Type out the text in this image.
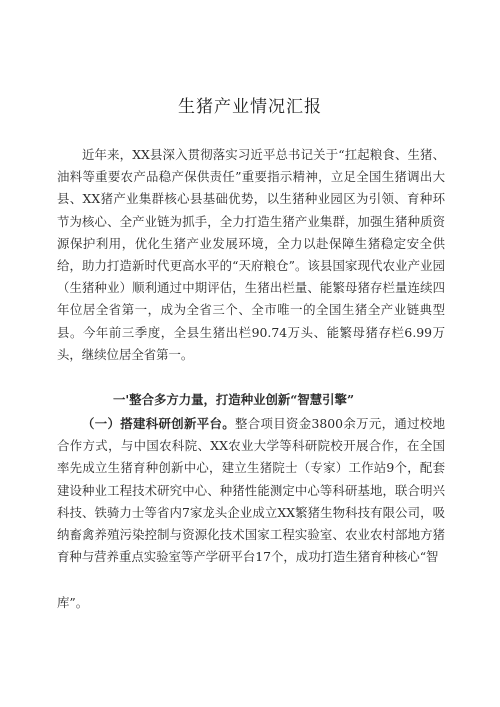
生猪产业情况汇报

近年来，XX县深入贯彻落实习近平总书记关于“扛起粮食、生猪、油料等重要农产品稳产保供责任”重要指示精神，立足全国生猪调出大县、XX猪产业集群核心县基础优势，以生猪种业园区为引领、育种环节为核心、全产业链为抓手，全力打造生猪产业集群，加强生猪种质资源保护利用，优化生猪产业发展环境，全力以赴保障生猪稳定安全供给，助力打造新时代更高水平的“天府粮仓”。该县国家现代农业产业园（生猪种业）顺利通过中期评估，生猪出栏量、能繁母猪存栏量连续四年位居全省第一，成为全省三个、全市唯一的全国生猪全产业链典型县。今年前三季度，全县生猪出栏90.74万头、能繁母猪存栏6.99万头，继续位居全省第一。

一'整合多方力量，打造种业创新“智慧引擎”

（一）搭建科研创新平台。整合项目资金3800余万元，通过校地合作方式，与中国农科院、XX农业大学等科研院校开展合作，在全国率先成立生猪育种创新中心，建立生猪院士（专家）工作站9个，配套建设种业工程技术研究中心、种猪性能测定中心等科研基地，联合明兴科技、铁骑力士等省内7家龙头企业成立XX繁猪生物科技有限公司，吸纳畜禽养殖污染控制与资源化技术国家工程实验室、农业农村部地方猪育种与营养重点实验室等产学研平台17个，成功打造生猪育种核心“智

库”。
